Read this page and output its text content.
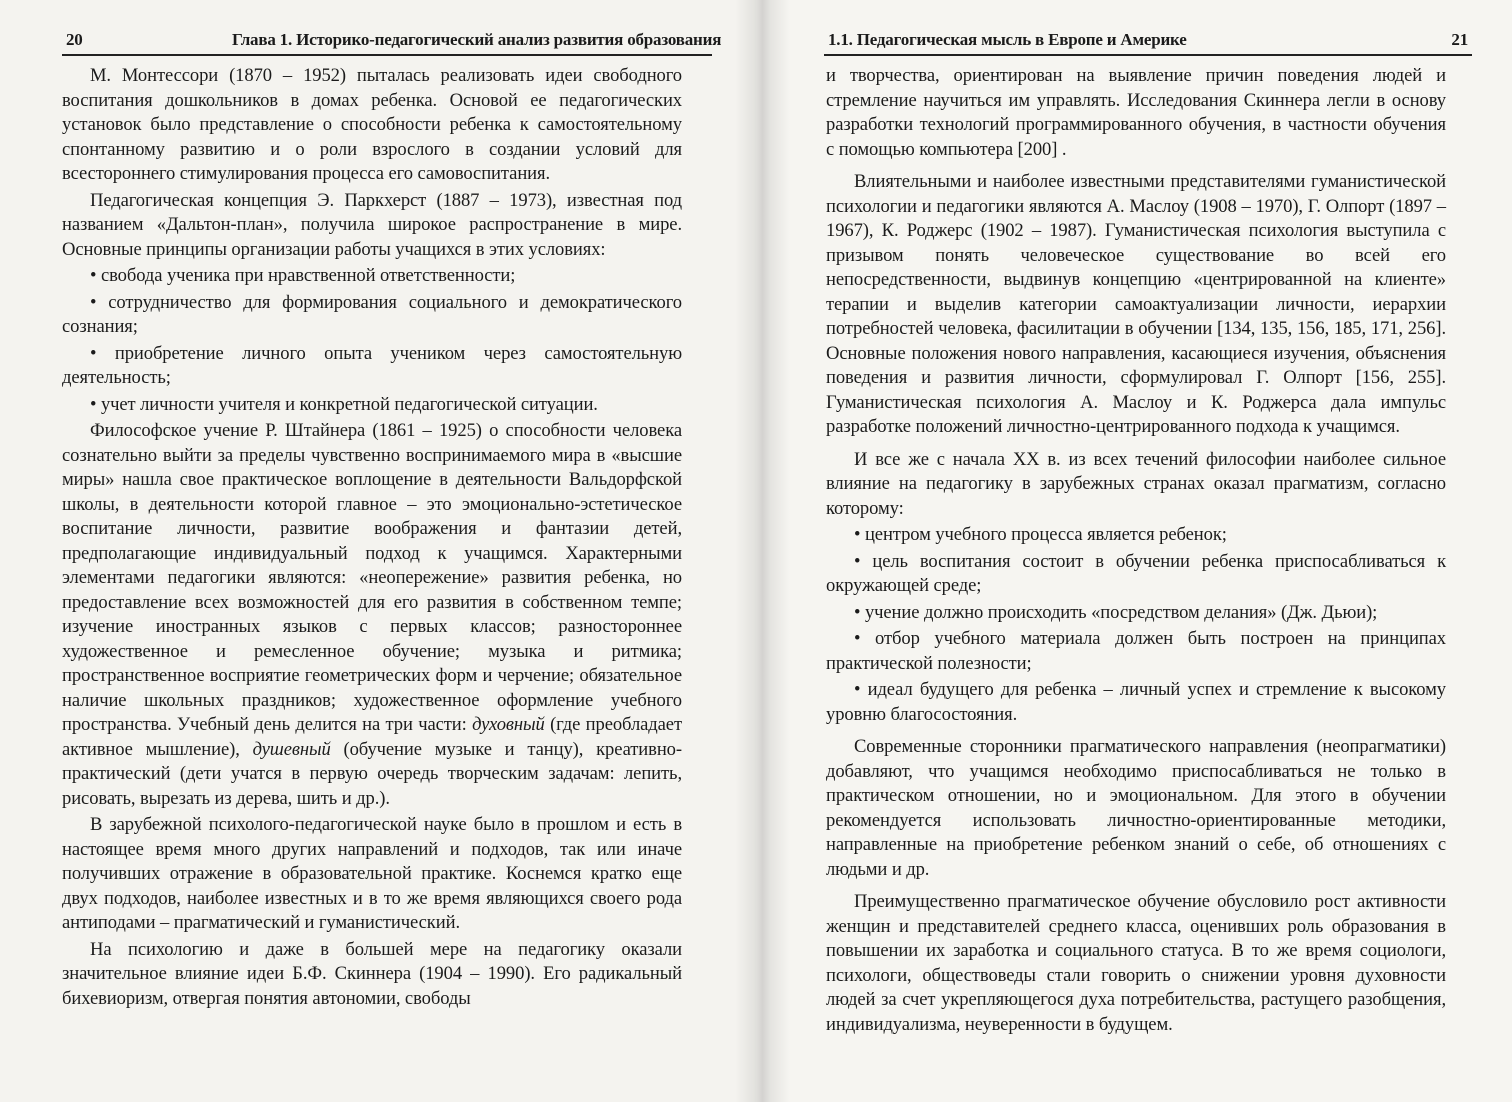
20	Глава 1. Историко-педагогический анализ развития образования

М. Монтессори (1870 – 1952) пыталась реализовать идеи свободного воспитания дошкольников в домах ребенка. Основой ее педагогических установок было представление о способности ребенка к самостоятельному спонтанному развитию и о роли взрослого в создании условий для всестороннего стимулирования процесса его самовоспитания.

Педагогическая концепция Э. Паркхерст (1887 – 1973), известная под названием «Дальтон-план», получила широкое распространение в мире. Основные принципы организации работы учащихся в этих условиях:

• свобода ученика при нравственной ответственности;

• сотрудничество для формирования социального и демократического сознания;

• приобретение личного опыта учеником через самостоятельную деятельность;

• учет личности учителя и конкретной педагогической ситуации.

Философское учение Р. Штайнера (1861 – 1925) о способности человека сознательно выйти за пределы чувственно воспринимаемого мира в «высшие миры» нашла свое практическое воплощение в деятельности Вальдорфской школы, в деятельности которой главное – это эмоционально-эстетическое воспитание личности, развитие воображения и фантазии детей, предполагающие индивидуальный подход к учащимся. Характерными элементами педагогики являются: «неопережение» развития ребенка, но предоставление всех возможностей для его развития в собственном темпе; изучение иностранных языков с первых классов; разностороннее художественное и ремесленное обучение; музыка и ритмика; пространственное восприятие геометрических форм и черчение; обязательное наличие школьных праздников; художественное оформление учебного пространства. Учебный день делится на три части: духовный (где преобладает активное мышление), душевный (обучение музыке и танцу), креативно-практический (дети учатся в первую очередь творческим задачам: лепить, рисовать, вырезать из дерева, шить и др.).

В зарубежной психолого-педагогической науке было в прошлом и есть в настоящее время много других направлений и подходов, так или иначе получивших отражение в образовательной практике. Коснемся кратко еще двух подходов, наиболее известных и в то же время являющихся своего рода антиподами – прагматический и гуманистический.

На психологию и даже в большей мере на педагогику оказали значительное влияние идеи Б.Ф. Скиннера (1904 – 1990). Его радикальный бихевиоризм, отвергая понятия автономии, свободы

1.1. Педагогическая мысль в Европе и Америке	21

и творчества, ориентирован на выявление причин поведения людей и стремление научиться им управлять. Исследования Скиннера легли в основу разработки технологий программированного обучения, в частности обучения с помощью компьютера [200] .

Влиятельными и наиболее известными представителями гуманистической психологии и педагогики являются А. Маслоу (1908 – 1970), Г. Олпорт (1897 – 1967), К. Роджерс (1902 – 1987). Гуманистическая психология выступила с призывом понять человеческое существование во всей его непосредственности, выдвинув концепцию «центрированной на клиенте» терапии и выделив категории самоактуализации личности, иерархии потребностей человека, фасилитации в обучении [134, 135, 156, 185, 171, 256]. Основные положения нового направления, касающиеся изучения, объяснения поведения и развития личности, сформулировал Г. Олпорт [156, 255]. Гуманистическая психология А. Маслоу и К. Роджерса дала импульс разработке положений личностно-центрированного подхода к учащимся.

И все же с начала XX в. из всех течений философии наиболее сильное влияние на педагогику в зарубежных странах оказал прагматизм, согласно которому:

• центром учебного процесса является ребенок;

• цель воспитания состоит в обучении ребенка приспосабливаться к окружающей среде;

• учение должно происходить «посредством делания» (Дж. Дьюи);

• отбор учебного материала должен быть построен на принципах практической полезности;

• идеал будущего для ребенка – личный успех и стремление к высокому уровню благосостояния.

Современные сторонники прагматического направления (неопрагматики) добавляют, что учащимся необходимо приспосабливаться не только в практическом отношении, но и эмоциональном. Для этого в обучении рекомендуется использовать личностно-ориентированные методики, направленные на приобретение ребенком знаний о себе, об отношениях с людьми и др.

Преимущественно прагматическое обучение обусловило рост активности женщин и представителей среднего класса, оценивших роль образования в повышении их заработка и социального статуса. В то же время социологи, психологи, обществоведы стали говорить о снижении уровня духовности людей за счет укрепляющегося духа потребительства, растущего разобщения, индивидуализма, неуверенности в будущем.
